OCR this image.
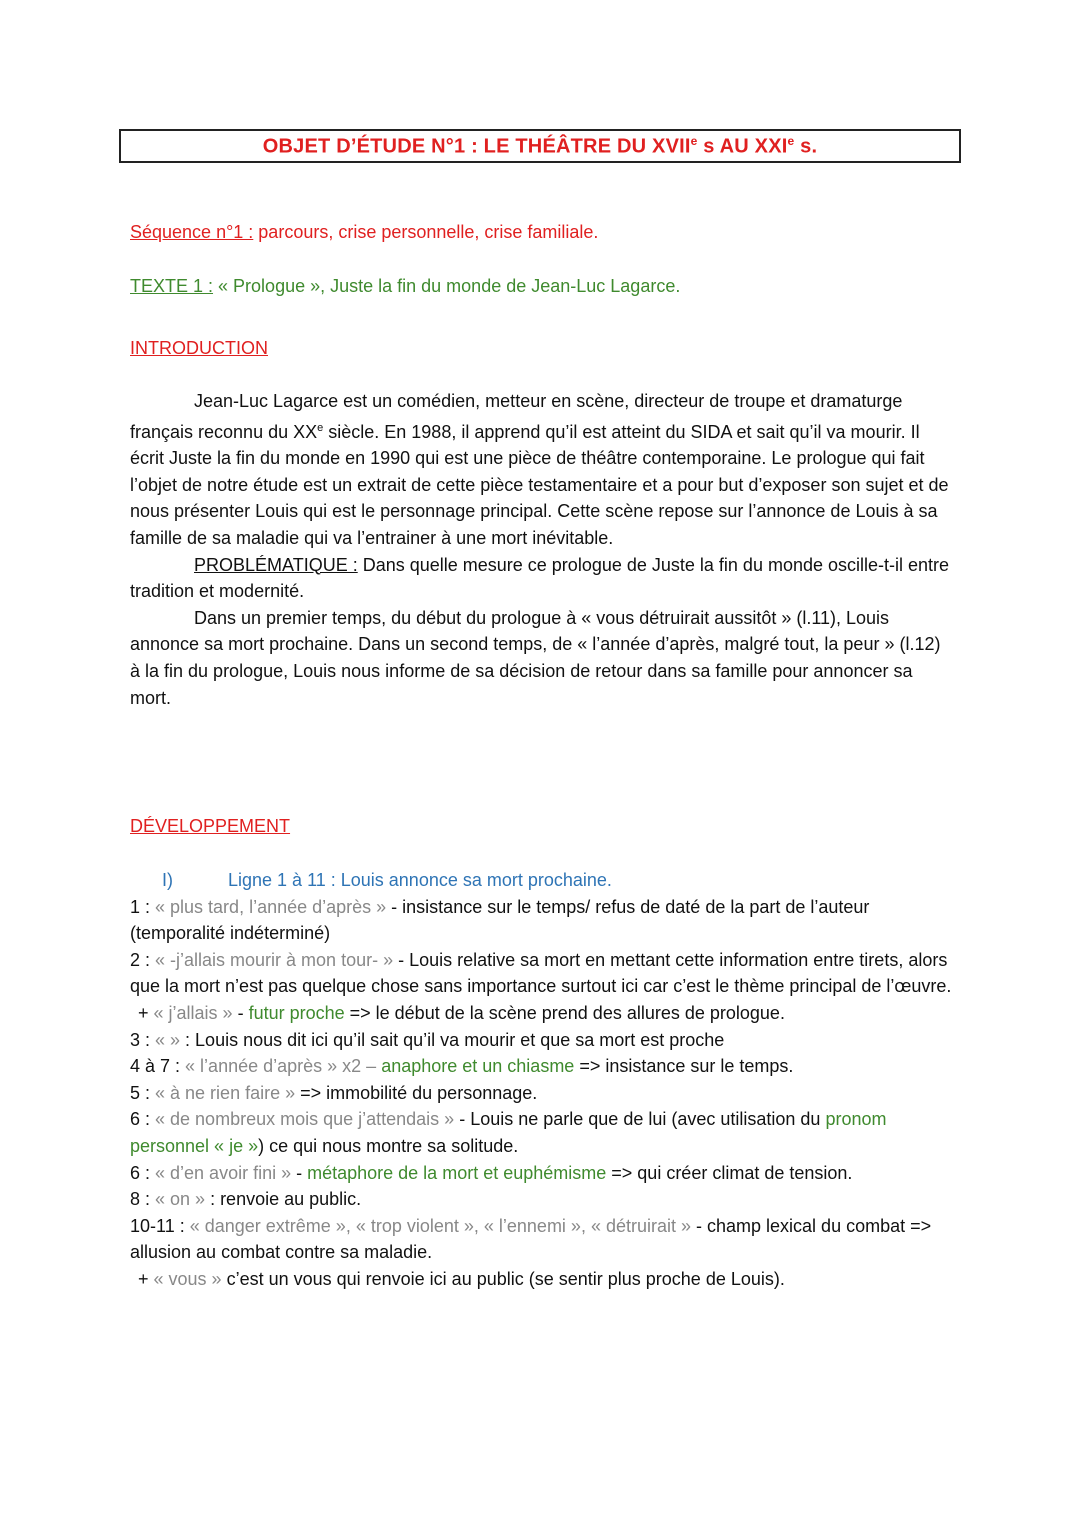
OBJET D’ÉTUDE N°1 : LE THÉÂTRE DU XVIIe s AU XXIe s.
Séquence n°1 : parcours, crise personnelle, crise familiale.
TEXTE 1 : « Prologue », Juste la fin du monde de Jean-Luc Lagarce.
INTRODUCTION

Jean-Luc Lagarce est un comédien, metteur en scène, directeur de troupe et dramaturge français reconnu du XXe siècle. En 1988, il apprend qu’il est atteint du SIDA et sait qu’il va mourir. Il écrit Juste la fin du monde en 1990 qui est une pièce de théâtre contemporaine. Le prologue qui fait l’objet de notre étude est un extrait de cette pièce testamentaire et a pour but d’exposer son sujet et de nous présenter Louis qui est le personnage principal. Cette scène repose sur l’annonce de Louis à sa famille de sa maladie qui va l’entrainer à une mort inévitable.

PROBLÉMATIQUE : Dans quelle mesure ce prologue de Juste la fin du monde oscille-t-il entre tradition et modernité.

Dans un premier temps, du début du prologue à « vous détruirait aussitôt » (l.11), Louis annonce sa mort prochaine. Dans un second temps, de « l’année d’après, malgré tout, la peur » (l.12) à la fin du prologue, Louis nous informe de sa décision de retour dans sa famille pour annoncer sa mort.

DÉVELOPPEMENT
I)	Ligne 1 à 11 : Louis annonce sa mort prochaine.
1 : « plus tard, l’année d’après » - insistance sur le temps/ refus de daté de la part de l’auteur (temporalité indéterminé)
2 : « -j’allais mourir à mon tour- » - Louis relative sa mort en mettant cette information entre tirets, alors que la mort n’est pas quelque chose sans importance surtout ici car c’est le thème principal de l’œuvre.
+ « j’allais » - futur proche => le début de la scène prend des allures de prologue.
3 : « » : Louis nous dit ici qu’il sait qu’il va mourir et que sa mort est proche
4 à 7 : « l’année d’après » x2 – anaphore et un chiasme => insistance sur le temps.
5 : « à ne rien faire » => immobilité du personnage.
6 : « de nombreux mois que j’attendais » - Louis ne parle que de lui (avec utilisation du pronom personnel « je ») ce qui nous montre sa solitude.
6 : « d’en avoir fini » - métaphore de la mort et euphémisme => qui créer climat de tension.
8 : « on » : renvoie au public.
10-11 : « danger extrême », « trop violent », « l’ennemi », « détruirait » - champ lexical du combat => allusion au combat contre sa maladie.
+ « vous » c’est un vous qui renvoie ici au public (se sentir plus proche de Louis).
